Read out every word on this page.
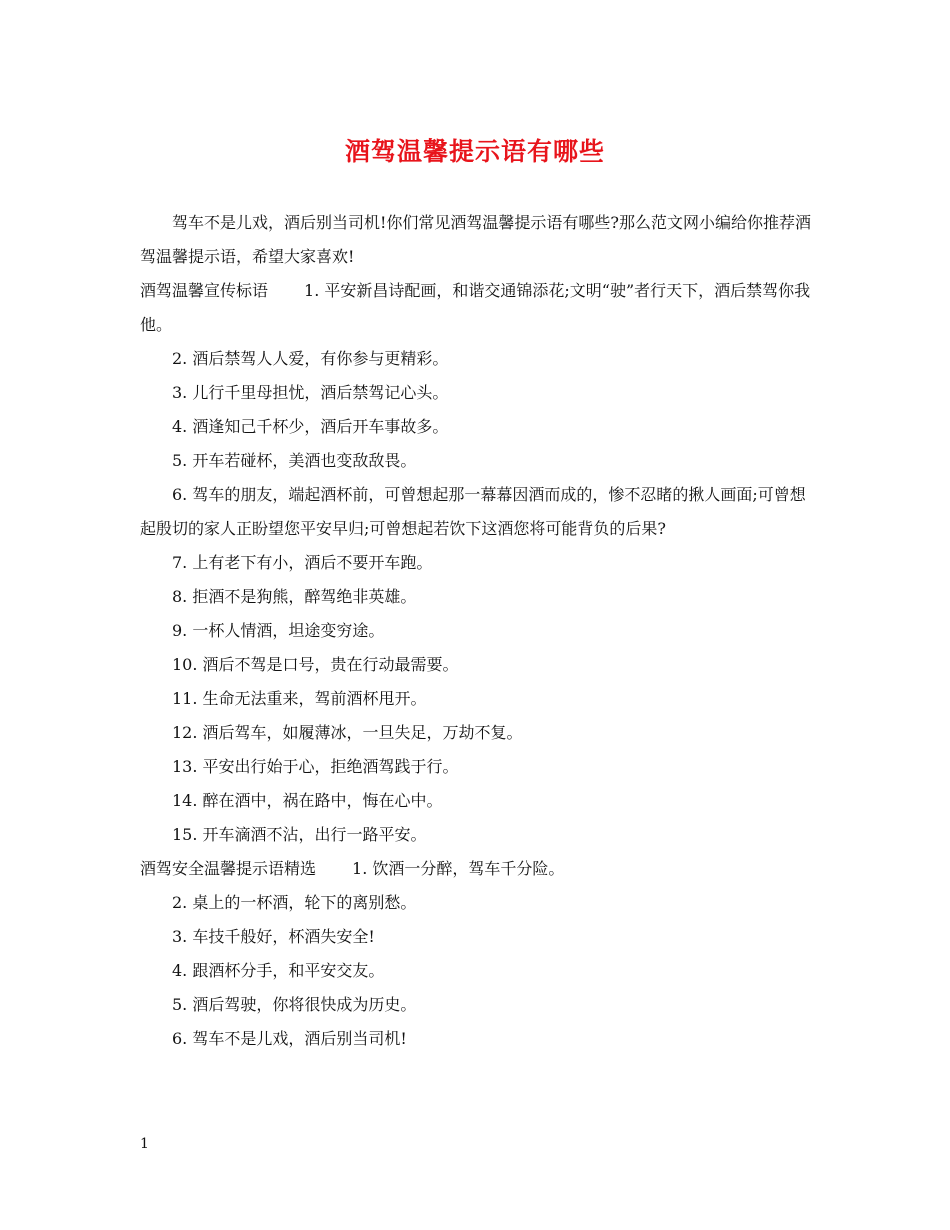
酒驾温馨提示语有哪些

驾车不是儿戏，酒后别当司机!你们常见酒驾温馨提示语有哪些?那么范文网小编给你推荐酒驾温馨提示语，希望大家喜欢!

酒驾温馨宣传标语 1. 平安新昌诗配画，和谐交通锦添花;文明“驶”者行天下，酒后禁驾你我他。

2. 酒后禁驾人人爱，有你参与更精彩。

3. 儿行千里母担忧，酒后禁驾记心头。

4. 酒逢知己千杯少，酒后开车事故多。

5. 开车若碰杯，美酒也变敌敌畏。

6. 驾车的朋友，端起酒杯前，可曾想起那一幕幕因酒而成的，惨不忍睹的揪人画面;可曾想起殷切的家人正盼望您平安早归;可曾想起若饮下这酒您将可能背负的后果?

7. 上有老下有小，酒后不要开车跑。

8. 拒酒不是狗熊，醉驾绝非英雄。

9. 一杯人情酒，坦途变穷途。

10. 酒后不驾是口号，贵在行动最需要。

11. 生命无法重来，驾前酒杯甩开。

12. 酒后驾车，如履薄冰，一旦失足，万劫不复。

13. 平安出行始于心，拒绝酒驾践于行。

14. 醉在酒中，祸在路中，悔在心中。

15. 开车滴酒不沾，出行一路平安。

酒驾安全温馨提示语精选 1. 饮酒一分醉，驾车千分险。

2. 桌上的一杯酒，轮下的离别愁。

3. 车技千般好，杯酒失安全!

4. 跟酒杯分手，和平安交友。

5. 酒后驾驶，你将很快成为历史。

6. 驾车不是儿戏，酒后别当司机!

1
